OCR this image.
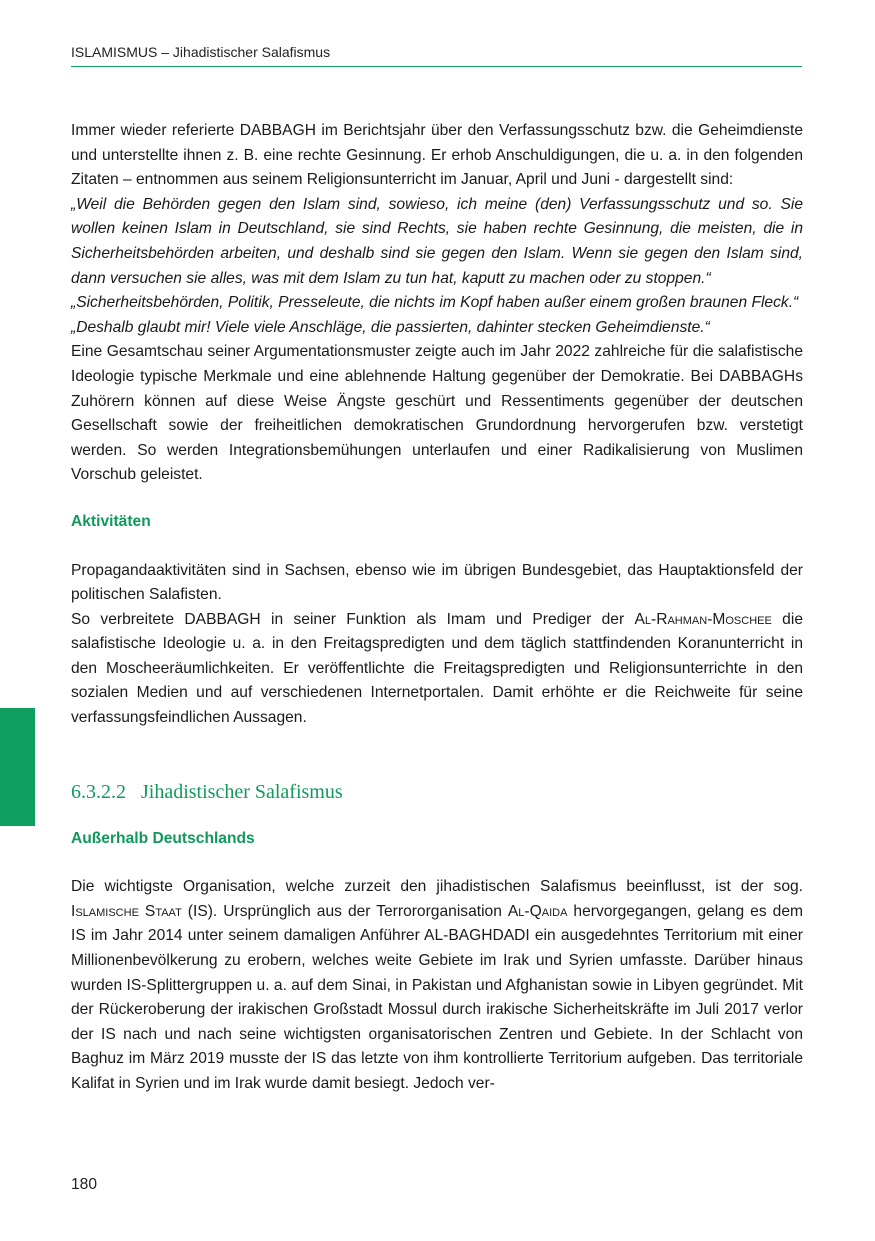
ISLAMISMUS – Jihadistischer Salafismus

Immer wieder referierte DABBAGH im Berichtsjahr über den Verfassungsschutz bzw. die Geheimdienste und unterstellte ihnen z. B. eine rechte Gesinnung. Er erhob Anschuldigungen, die u. a. in den folgenden Zitaten – entnommen aus seinem Religionsunterricht im Januar, April und Juni - dargestellt sind:

„Weil die Behörden gegen den Islam sind, sowieso, ich meine (den) Verfassungsschutz und so. Sie wollen keinen Islam in Deutschland, sie sind Rechts, sie haben rechte Gesinnung, die meisten, die in Sicherheitsbehörden arbeiten, und deshalb sind sie gegen den Islam. Wenn sie gegen den Islam sind, dann versuchen sie alles, was mit dem Islam zu tun hat, kaputt zu machen oder zu stoppen.“

„Sicherheitsbehörden, Politik, Presseleute, die nichts im Kopf haben außer einem großen braunen Fleck.“

„Deshalb glaubt mir! Viele viele Anschläge, die passierten, dahinter stecken Geheimdienste.“

Eine Gesamtschau seiner Argumentationsmuster zeigte auch im Jahr 2022 zahlreiche für die salafistische Ideologie typische Merkmale und eine ablehnende Haltung gegenüber der Demokratie. Bei DABBAGHs Zuhörern können auf diese Weise Ängste geschürt und Ressentiments gegenüber der deutschen Gesellschaft sowie der freiheitlichen demokratischen Grundordnung hervorgerufen bzw. verstetigt werden. So werden Integrationsbemühungen unterlaufen und einer Radikalisierung von Muslimen Vorschub geleistet.

Aktivitäten

Propagandaaktivitäten sind in Sachsen, ebenso wie im übrigen Bundesgebiet, das Hauptaktionsfeld der politischen Salafisten.

So verbreitete DABBAGH in seiner Funktion als Imam und Prediger der Al-Rahman-Moschee die salafistische Ideologie u. a. in den Freitagspredigten und dem täglich stattfindenden Koranunterricht in den Moscheeräumlichkeiten. Er veröffentlichte die Freitagspredigten und Religionsunterrichte in den sozialen Medien und auf verschiedenen Internetportalen. Damit erhöhte er die Reichweite für seine verfassungsfeindlichen Aussagen.

6.3.2.2 Jihadistischer Salafismus
Außerhalb Deutschlands

Die wichtigste Organisation, welche zurzeit den jihadistischen Salafismus beeinflusst, ist der sog. Islamische Staat (IS). Ursprünglich aus der Terrororganisation Al-Qaida hervorgegangen, gelang es dem IS im Jahr 2014 unter seinem damaligen Anführer AL-BAGHDADI ein ausgedehntes Territorium mit einer Millionenbevölkerung zu erobern, welches weite Gebiete im Irak und Syrien umfasste. Darüber hinaus wurden IS-Splittergruppen u. a. auf dem Sinai, in Pakistan und Afghanistan sowie in Libyen gegründet. Mit der Rückeroberung der irakischen Großstadt Mossul durch irakische Sicherheitskräfte im Juli 2017 verlor der IS nach und nach seine wichtigsten organisatorischen Zentren und Gebiete. In der Schlacht von Baghuz im März 2019 musste der IS das letzte von ihm kontrollierte Territorium aufgeben. Das territoriale Kalifat in Syrien und im Irak wurde damit besiegt. Jedoch ver-

180
